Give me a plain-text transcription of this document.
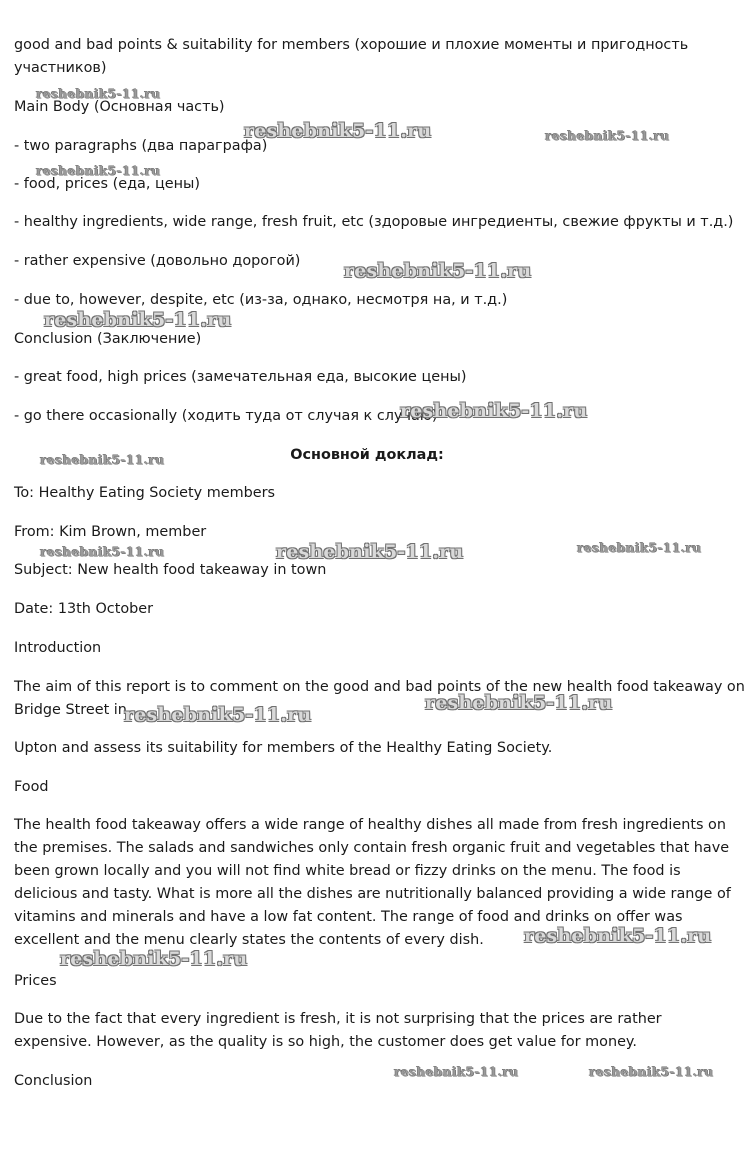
good and bad points & suitability for members (хорошие и плохие моменты и пригодность
участников)
Main Body (Основная часть)
- two paragraphs (два параграфа)
- food, prices (еда, цены)
- healthy ingredients, wide range, fresh fruit, etc (здоровые ингредиенты, свежие фрукты и т.д.)
- rather expensive (довольно дорогой)
- due to, however, despite, etc (из-за, однако, несмотря на, и т.д.)
Conclusion (Заключение)
- great food, high prices (замечательная еда, высокие цены)
- go there occasionally (ходить туда от случая к случаю)
Основной доклад:
To: Healthy Eating Society members
From: Kim Brown, member
Subject: New health food takeaway in town
Date: 13th October
Introduction
The aim of this report is to comment on the good and bad points of the new health food takeaway on
Bridge Street in
Upton and assess its suitability for members of the Healthy Eating Society.
Food
The health food takeaway offers a wide range of healthy dishes all made from fresh ingredients on the premises. The salads and sandwiches only contain fresh organic fruit and vegetables that have been grown locally and you will not find white bread or fizzy drinks on the menu. The food is delicious and tasty. What is more all the dishes are nutritionally balanced providing a wide range of vitamins and minerals and have a low fat content. The range of food and drinks on offer was excellent and the menu clearly states the contents of every dish.
Prices
Due to the fact that every ingredient is fresh, it is not surprising that the prices are rather expensive. However, as the quality is so high, the customer does get value for money.
Conclusion
reshebnik5-11.ru
reshebnik5-11.ru	reshebnik5-11.ru
reshebnik5-11.ru
reshebnik5-11.ru
reshebnik5-11.ru
reshebnik5-11.ru
reshebnik5-11.ru
reshebnik5-11.ru	reshebnik5-11.ru	reshebnik5-11.ru
reshebnik5-11.ru
reshebnik5-11.ru
reshebnik5-11.ru
reshebnik5-11.ru
reshebnik5-11.ru	reshebnik5-11.ru
